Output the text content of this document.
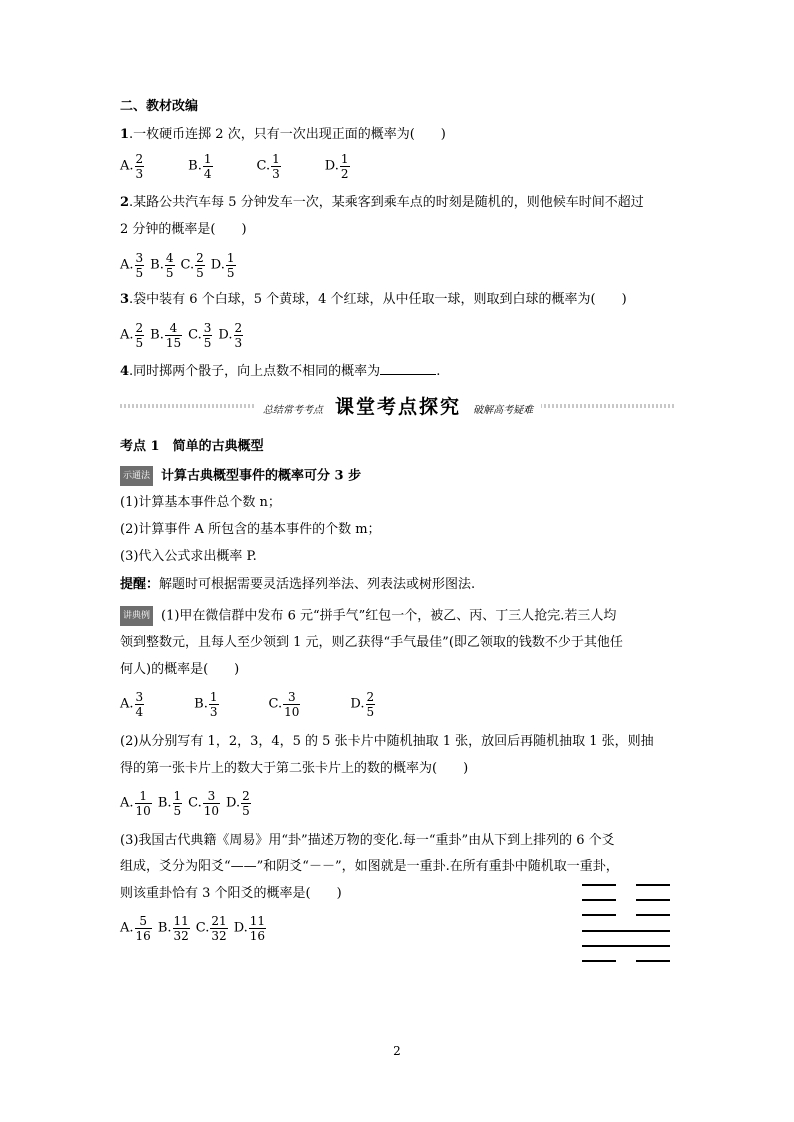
二、教材改编
1.一枚硬币连掷 2 次，只有一次出现正面的概率为(　　)
A. $\frac{2}{3}$	B. $\frac{1}{4}$	C. $\frac{1}{3}$	D. $\frac{1}{2}$
2.某路公共汽车每 5 分钟发车一次，某乘客到乘车点的时刻是随机的，则他候车时间不超过
2 分钟的概率是(　　)
A. $\frac{3}{5} B$. $\frac{4}{5} C$. $\frac{2}{5} D$. $\frac{1}{5}$
3.袋中装有 6 个白球，5 个黄球，4 个红球，从中任取一球，则取到白球的概率为(　　)
A. $\frac{2}{5} B$. $\frac{4}{15} C$. $\frac{3}{5} D$. $\frac{2}{3}$
4.同时掷两个骰子，向上点数不相同的概率为	.
总结常考考点 课堂考点探究 破解高考疑难
考点 1　简单的古典概型
示通法 计算古典概型事件的概率可分 3 步
(1)计算基本事件总个数 n；
(2)计算事件 A 所包含的基本事件的个数 m；
(3)代入公式求出概率 P.
提醒：解题时可根据需要灵活选择列举法、列表法或树形图法.
讲典例 (1)甲在微信群中发布 6 元“拼手气”红包一个，被乙、丙、丁三人抢完.若三人均
领到整数元，且每人至少领到 1 元，则乙获得“手气最佳”(即乙领取的钱数不少于其他任
何人)的概率是(　　)
A. $\frac{3}{4}$	B. $\frac{1}{3}$	C. $\frac{3}{10}$	D. $\frac{2}{5}$
(2)从分别写有 1，2，3，4，5 的 5 张卡片中随机抽取 1 张，放回后再随机抽取 1 张，则抽
得的第一张卡片上的数大于第二张卡片上的数的概率为(　　)
A. $\frac{1}{10} B$. $\frac{1}{5} C$. $\frac{3}{10} D$. $\frac{2}{5}$
(3)我国古代典籍《周易》用“卦”描述万物的变化.每一“重卦”由从下到上排列的 6 个爻
组成，爻分为阳爻“——”和阴爻“－－”，如图就是一重卦.在所有重卦中随机取一重卦，
则该重卦恰有 3 个阳爻的概率是(　　)
A. $\frac{5}{16} B$. $\frac{11}{32} C$. $\frac{21}{32} D$. $\frac{11}{16}$
2
